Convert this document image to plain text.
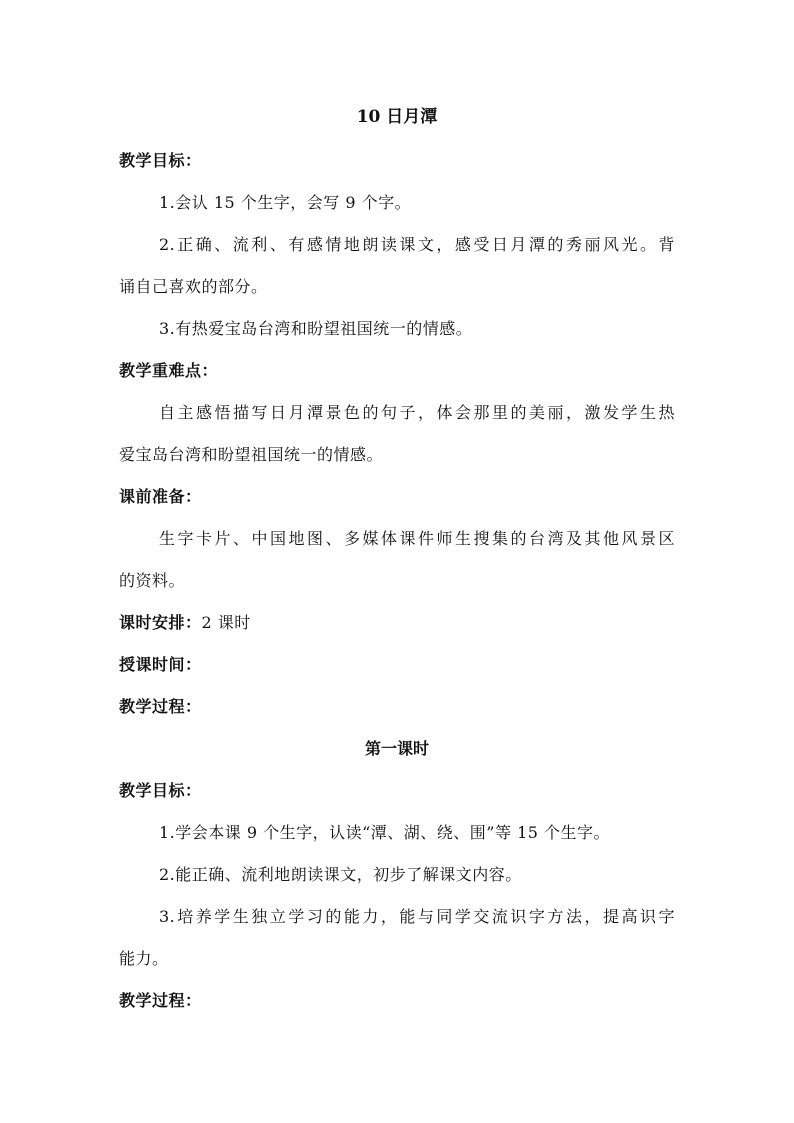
10 日月潭
教学目标：
1.会认 15 个生字，会写 9 个字。
2.正确、流利、有感情地朗读课文，感受日月潭的秀丽风光。背
诵自己喜欢的部分。
3.有热爱宝岛台湾和盼望祖国统一的情感。
教学重难点：
自主感悟描写日月潭景色的句子，体会那里的美丽，激发学生热
爱宝岛台湾和盼望祖国统一的情感。
课前准备：
生字卡片、中国地图、多媒体课件师生搜集的台湾及其他风景区
的资料。
课时安排：2 课时
授课时间：
教学过程：
第一课时
教学目标：
1.学会本课 9 个生字，认读“潭、湖、绕、围”等 15 个生字。
2.能正确、流利地朗读课文，初步了解课文内容。
3.培养学生独立学习的能力，能与同学交流识字方法，提高识字
能力。
教学过程：
